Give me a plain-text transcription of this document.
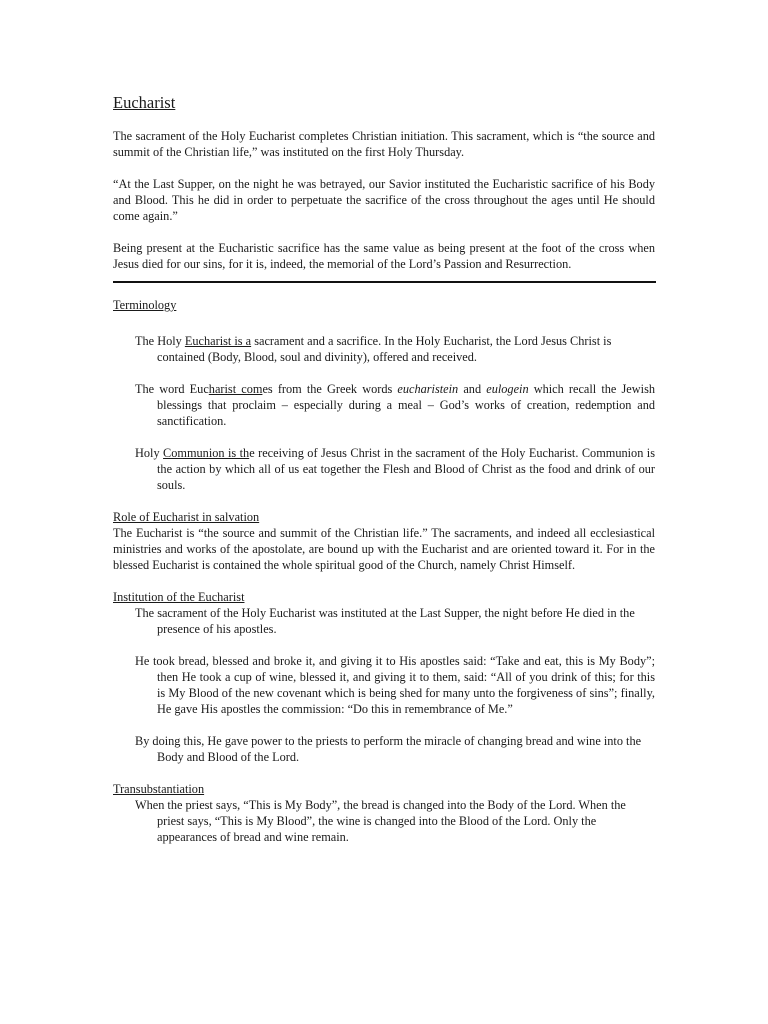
Eucharist

The sacrament of the Holy Eucharist completes Christian initiation. This sacrament, which is “the source and summit of the Christian life,” was instituted on the first Holy Thursday.

“At the Last Supper, on the night he was betrayed, our Savior instituted the Eucharistic sacrifice of his Body and Blood. This he did in order to perpetuate the sacrifice of the cross throughout the ages until He should come again.”

Being present at the Eucharistic sacrifice has the same value as being present at the foot of the cross when Jesus died for our sins, for it is, indeed, the memorial of the Lord’s Passion and Resurrection.

Terminology

The Holy Eucharist is a sacrament and a sacrifice. In the Holy Eucharist, the Lord Jesus Christ is contained (Body, Blood, soul and divinity), offered and received.

The word Eucharist comes from the Greek words eucharistein and eulogein which recall the Jewish blessings that proclaim – especially during a meal – God’s works of creation, redemption and sanctification.

Holy Communion is the receiving of Jesus Christ in the sacrament of the Holy Eucharist. Communion is the action by which all of us eat together the Flesh and Blood of Christ as the food and drink of our souls.

Role of Eucharist in salvation

The Eucharist is “the source and summit of the Christian life.” The sacraments, and indeed all ecclesiastical ministries and works of the apostolate, are bound up with the Eucharist and are oriented toward it. For in the blessed Eucharist is contained the whole spiritual good of the Church, namely Christ Himself.

Institution of the Eucharist

The sacrament of the Holy Eucharist was instituted at the Last Supper, the night before He died in the presence of his apostles.

He took bread, blessed and broke it, and giving it to His apostles said: “Take and eat, this is My Body”; then He took a cup of wine, blessed it, and giving it to them, said: “All of you drink of this; for this is My Blood of the new covenant which is being shed for many unto the forgiveness of sins”; finally, He gave His apostles the commission: “Do this in remembrance of Me.”

By doing this, He gave power to the priests to perform the miracle of changing bread and wine into the Body and Blood of the Lord.

Transubstantiation

When the priest says, “This is My Body”, the bread is changed into the Body of the Lord. When the priest says, “This is My Blood”, the wine is changed into the Blood of the Lord. Only the appearances of bread and wine remain.
